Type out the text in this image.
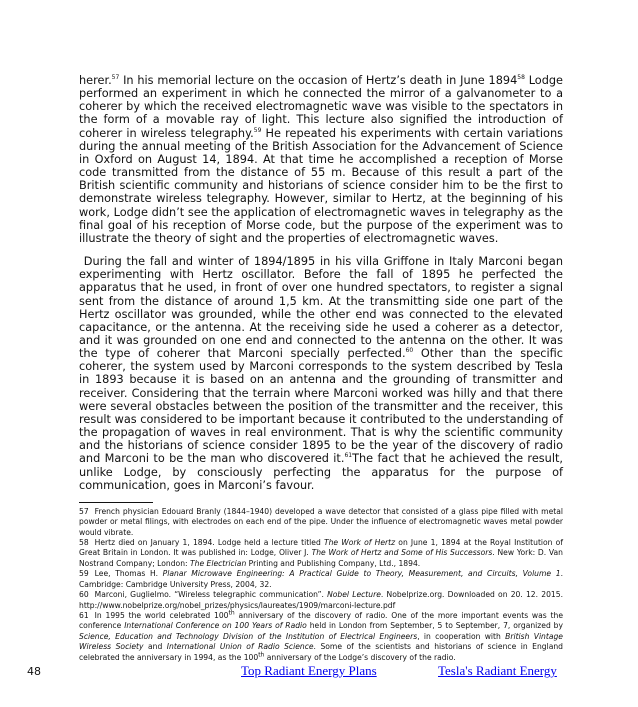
herer.$^{57}$ In his memorial lecture on the occasion of Hertz’s death in June 1894$^{58}$ Lodge performed an experiment in which he connected the mirror of a galvanometer to a coherer by which the received electromagnetic wave was visible to the spectators in the form of a movable ray of light. This lecture also signified the introduction of coherer in wireless telegraphy.$^{59}$ He repeated his experiments with certain variations during the annual meeting of the British Association for the Advancement of Science in Oxford on August 14, 1894. At that time he accomplished a reception of Morse code transmitted from the distance of 55 m. Because of this result a part of the British scientific community and historians of science consider him to be the first to demonstrate wireless telegraphy. However, similar to Hertz, at the beginning of his work, Lodge didn’t see the application of electromagnetic waves in telegraphy as the final goal of his reception of Morse code, but the purpose of the experiment was to illustrate the theory of sight and the properties of electromagnetic waves.

During the fall and winter of 1894/1895 in his villa Griffone in Italy Marconi began experimenting with Hertz oscillator. Before the fall of 1895 he perfected the apparatus that he used, in front of over one hundred spectators, to register a signal sent from the distance of around 1,5 km. At the transmitting side one part of the Hertz oscillator was grounded, while the other end was connected to the elevated capacitance, or the antenna. At the receiving side he used a coherer as a detector, and it was grounded on one end and connected to the antenna on the other. It was the type of coherer that Marconi specially perfected.$^{60}$ Other than the specific coherer, the system used by Marconi corresponds to the system described by Tesla in 1893 because it is based on an antenna and the grounding of transmitter and receiver. Considering that the terrain where Marconi worked was hilly and that there were several obstacles between the position of the transmitter and the receiver, this result was considered to be important because it contributed to the understanding of the propagation of waves in real environment. That is why the scientific community and the historians of science consider 1895 to be the year of the discovery of radio and Marconi to be the man who discovered it.$^{61}$The fact that he achieved the result, unlike Lodge, by consciously perfecting the apparatus for the purpose of communication, goes in Marconi’s favour.

57 French physician Edouard Branly (1844–1940) developed a wave detector that consisted of a glass pipe filled with metal powder or metal filings, with electrodes on each end of the pipe. Under the influence of electromagnetic waves metal powder would vibrate.

58 Hertz died on January 1, 1894. Lodge held a lecture titled The Work of Hertz on June 1, 1894 at the Royal Institution of Great Britain in London. It was published in: Lodge, Oliver J. The Work of Hertz and Some of His Successors. New York: D. Van Nostrand Company; London: The Electrician Printing and Publishing Company, Ltd., 1894.

59 Lee, Thomas H. Planar Microwave Engineering: A Practical Guide to Theory, Measurement, and Circuits, Volume 1. Cambridge: Cambridge University Press, 2004, 32.

60 Marconi, Guglielmo. “Wireless telegraphic communication”. Nobel Lecture. Nobelprize.org. Downloaded on 20. 12. 2015. http://www.nobelprize.org/nobel_prizes/physics/laureates/1909/marconi-lecture.pdf

61 In 1995 the world celebrated 100th anniversary of the discovery of radio. One of the more important events was the conference International Conference on 100 Years of Radio held in London from September, 5 to September, 7, organized by Science, Education and Technology Division of the Institution of Electrical Engineers, in cooperation with British Vintage Wireless Society and International Union of Radio Science. Some of the scientists and historians of science in England celebrated the anniversary in 1994, as the 100th anniversary of the Lodge’s discovery of the radio.

48	Top Radiant Energy Plans	Tesla's Radiant Energy
